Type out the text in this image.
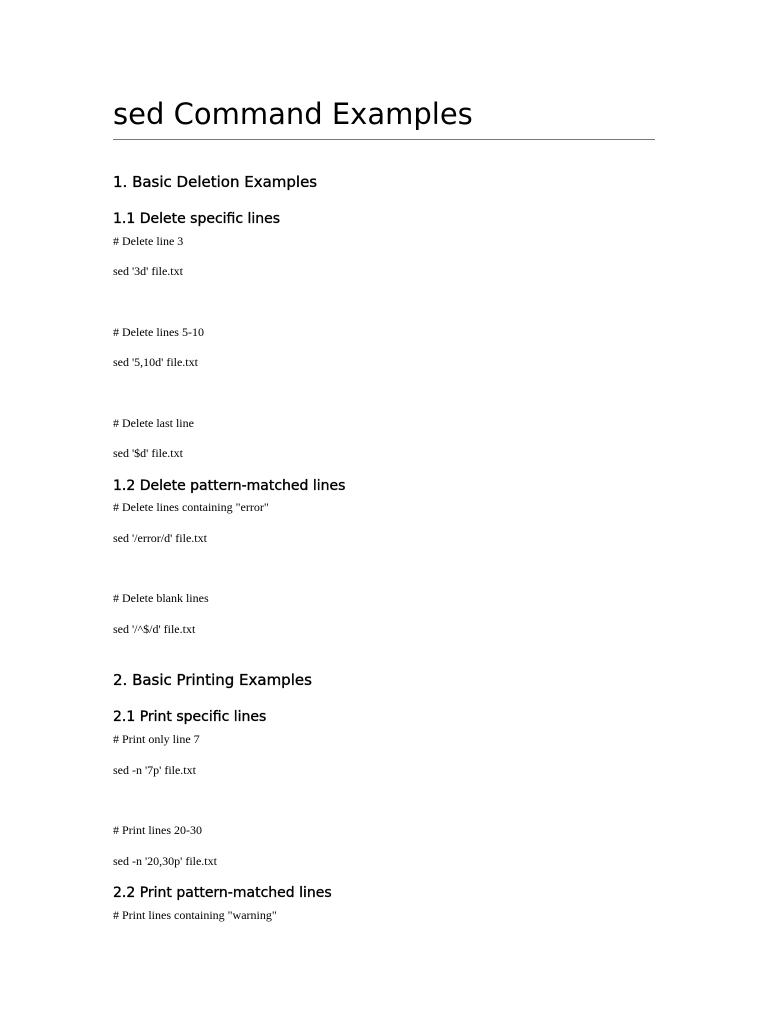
sed Command Examples
1. Basic Deletion Examples
1.1 Delete specific lines

# Delete line 3

sed '3d' file.txt

# Delete lines 5-10

sed '5,10d' file.txt

# Delete last line

sed '$d' file.txt

1.2 Delete pattern-matched lines

# Delete lines containing "error"

sed '/error/d' file.txt

# Delete blank lines

sed '/^$/d' file.txt

2. Basic Printing Examples
2.1 Print specific lines

# Print only line 7

sed -n '7p' file.txt

# Print lines 20-30

sed -n '20,30p' file.txt

2.2 Print pattern-matched lines

# Print lines containing "warning"
